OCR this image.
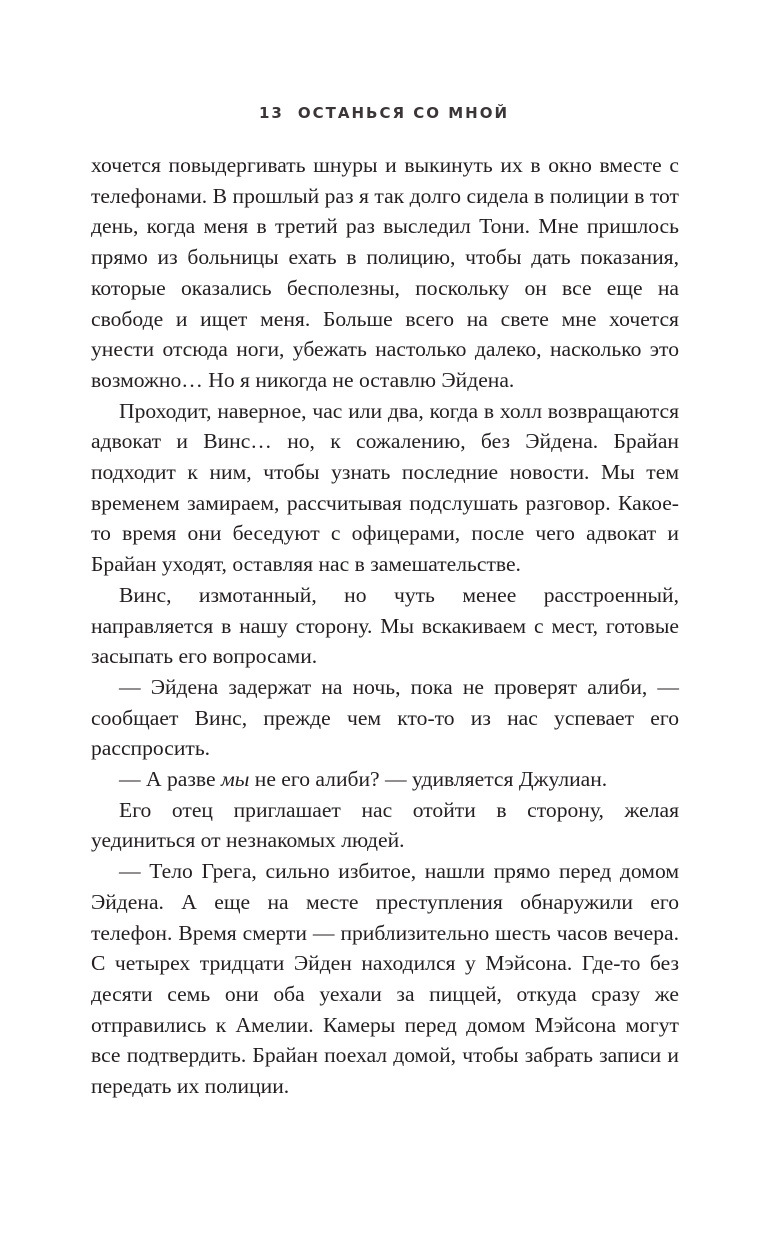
13 ОСТАНЬСЯ СО МНОЙ

хочется повыдергивать шнуры и выкинуть их в окно вместе с телефонами. В прошлый раз я так долго сидела в полиции в тот день, когда меня в третий раз выследил Тони. Мне пришлось прямо из больницы ехать в полицию, чтобы дать показания, которые оказались бесполезны, поскольку он все еще на свободе и ищет меня. Больше всего на свете мне хочется унести отсюда ноги, убежать настолько далеко, насколько это возможно… Но я никогда не оставлю Эйдена.

Проходит, наверное, час или два, когда в холл возвращаются адвокат и Винс… но, к сожалению, без Эйдена. Брайан подходит к ним, чтобы узнать последние новости. Мы тем временем замираем, рассчитывая подслушать разговор. Какое-то время они беседуют с офицерами, после чего адвокат и Брайан уходят, оставляя нас в замешательстве.

Винс, измотанный, но чуть менее расстроенный, направляется в нашу сторону. Мы вскакиваем с мест, готовые засыпать его вопросами.

— Эйдена задержат на ночь, пока не проверят алиби, — сообщает Винс, прежде чем кто-то из нас успевает его расспросить.

— А разве мы не его алиби? — удивляется Джулиан.

Его отец приглашает нас отойти в сторону, желая уединиться от незнакомых людей.

— Тело Грега, сильно избитое, нашли прямо перед домом Эйдена. А еще на месте преступления обнаружили его телефон. Время смерти — приблизительно шесть часов вечера. С четырех тридцати Эйден находился у Мэйсона. Где-то без десяти семь они оба уехали за пиццей, откуда сразу же отправились к Амелии. Камеры перед домом Мэйсона могут все подтвердить. Брайан поехал домой, чтобы забрать записи и передать их полиции.
